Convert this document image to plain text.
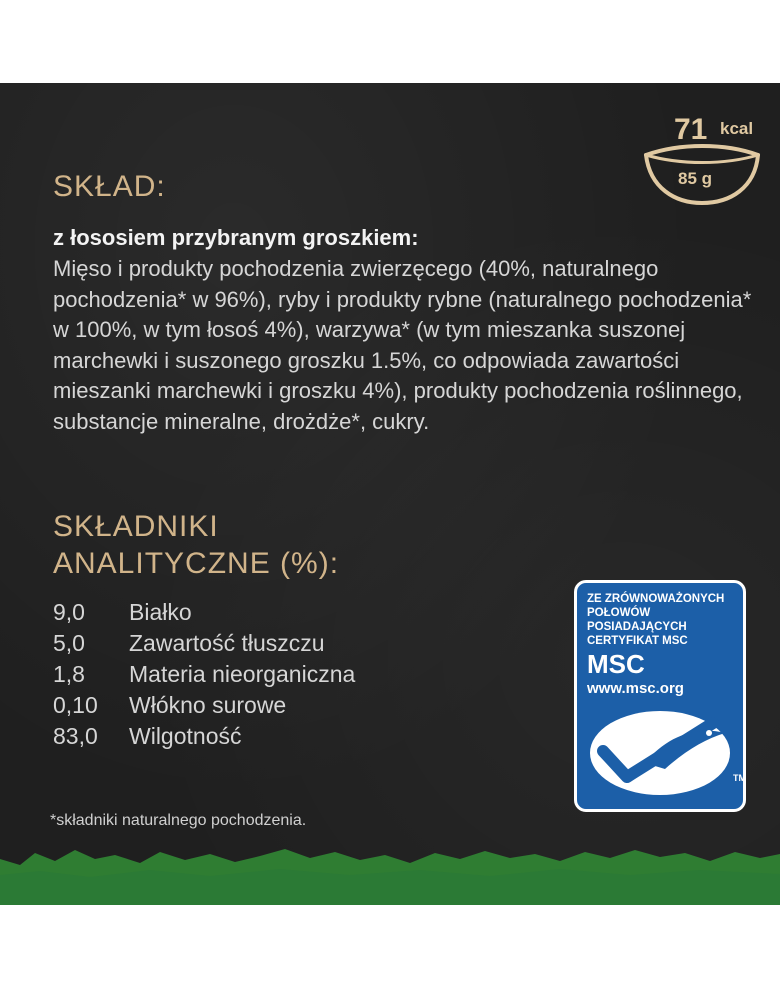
SKŁAD:
z łososiem przybranym groszkiem:
Mięso i produkty pochodzenia zwierzęcego (40%, naturalnego pochodzenia* w 96%), ryby i produkty rybne (naturalnego pochodzenia* w 100%, w tym łosoś 4%), warzywa* (w tym mieszanka suszonej marchewki i suszonego groszku 1.5%, co odpowiada zawartości mieszanki marchewki i groszku 4%), produkty pochodzenia roślinnego, substancje mineralne, drożdże*, cukry.
SKŁADNIKI
ANALITYCZNE (%):
9,0	Białko
5,0	Zawartość tłuszczu
1,8	Materia nieorganiczna
0,10	Włókno surowe
83,0	Wilgotność
*składniki naturalnego pochodzenia.
71 kcal
85 g
ZE ZRÓWNOWAŻONYCH
POŁOWÓW
POSIADAJĄCYCH
CERTYFIKAT MSC
MSC
www.msc.org
TM
